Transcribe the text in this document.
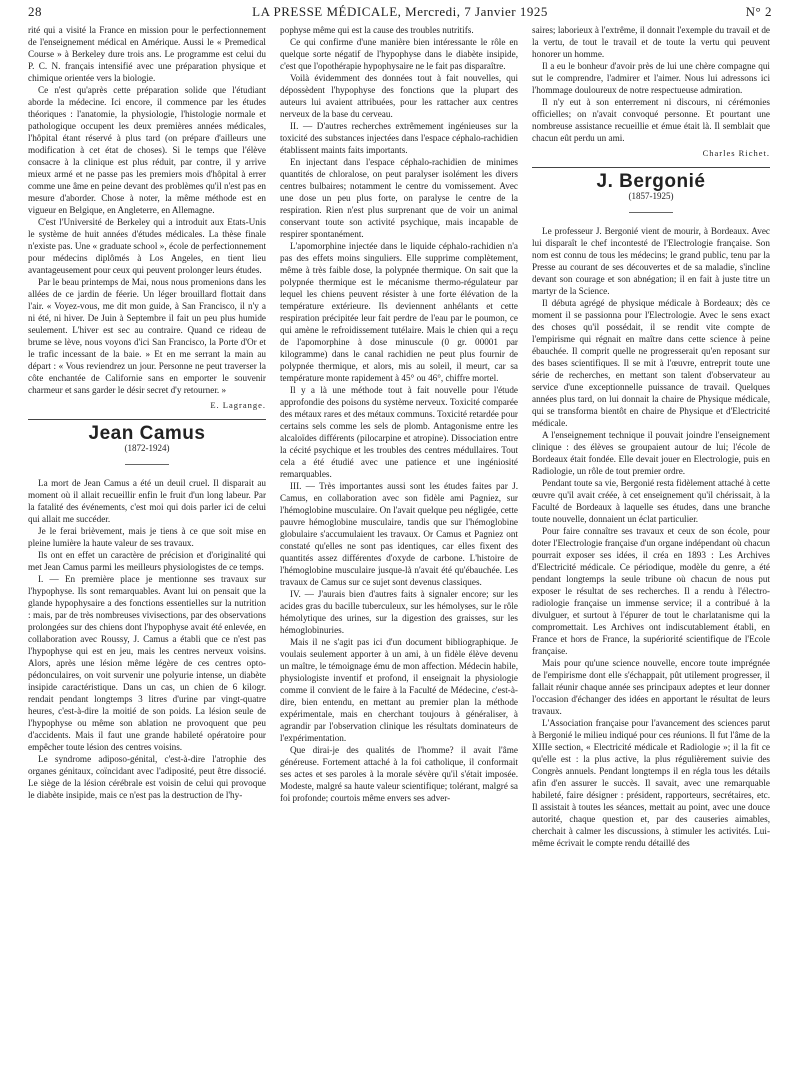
28	LA PRESSE MÉDICALE, Mercredi, 7 Janvier 1925	N° 2

rité qui a visité la France en mission pour le perfectionnement de l'enseignement médical en Amérique. Aussi le « Premedical Course » à Berkeley dure trois ans. Le programme est celui du P. C. N. français intensifié avec une préparation physique et chimique orientée vers la biologie.

Ce n'est qu'après cette préparation solide que l'étudiant aborde la médecine. Ici encore, il commence par les études théoriques : l'anatomie, la physiologie, l'histologie normale et pathologique occupent les deux premières années médicales, l'hôpital étant réservé à plus tard (on prépare d'ailleurs une modification à cet état de choses). Si le temps que l'élève consacre à la clinique est plus réduit, par contre, il y arrive mieux armé et ne passe pas les premiers mois d'hôpital à errer comme une âme en peine devant des problèmes qu'il n'est pas en mesure d'aborder. Chose à noter, la même méthode est en vigueur en Belgique, en Angleterre, en Allemagne.

C'est l'Université de Berkeley qui a introduit aux Etats-Unis le système de huit années d'études médicales. La thèse finale n'existe pas. Une « graduate school », école de perfectionnement pour médecins diplômés à Los Angeles, en tient lieu avantageusement pour ceux qui peuvent prolonger leurs études.

Par le beau printemps de Mai, nous nous promenions dans les allées de ce jardin de féerie. Un léger brouillard flottait dans l'air. « Voyez-vous, me dit mon guide, à San Francisco, il n'y a ni été, ni hiver. De Juin à Septembre il fait un peu plus humide seulement. L'hiver est sec au contraire. Quand ce rideau de brume se lève, nous voyons d'ici San Francisco, la Porte d'Or et le trafic incessant de la baie. » Et en me serrant la main au départ : « Vous reviendrez un jour. Personne ne peut traverser la côte enchantée de Californie sans en emporter le souvenir charmeur et sans garder le désir secret d'y retourner. »

E. Lagrange.
Jean Camus
(1872-1924)

La mort de Jean Camus a été un deuil cruel. Il disparait au moment où il allait recueillir enfin le fruit d'un long labeur. Par la fatalité des événements, c'est moi qui dois parler ici de celui qui allait me succéder.

Je le ferai brièvement, mais je tiens à ce que soit mise en pleine lumière la haute valeur de ses travaux.

Ils ont en effet un caractère de précision et d'originalité qui met Jean Camus parmi les meilleurs physiologistes de ce temps.

I. — En première place je mentionne ses travaux sur l'hypophyse. Ils sont remarquables. Avant lui on pensait que la glande hypophysaire a des fonctions essentielles sur la nutrition : mais, par de très nombreuses vivisections, par des observations prolongées sur des chiens dont l'hypophyse avait été enlevée, en collaboration avec Roussy, J. Camus a établi que ce n'est pas l'hypophyse qui est en jeu, mais les centres nerveux voisins. Alors, après une lésion même légère de ces centres opto-pédonculaires, on voit survenir une polyurie intense, un diabète insipide caractéristique. Dans un cas, un chien de 6 kilogr. rendait pendant longtemps 3 litres d'urine par vingt-quatre heures, c'est-à-dire la moitié de son poids. La lésion seule de l'hypophyse ou même son ablation ne provoquent que peu d'accidents. Mais il faut une grande habileté opératoire pour empêcher toute lésion des centres voisins.

Le syndrome adiposo-génital, c'est-à-dire l'atrophie des organes génitaux, coïncidant avec l'adiposité, peut être dissocié. Le siège de la lésion cérébrale est voisin de celui qui provoque le diabète insipide, mais ce n'est pas la destruction de l'hy-

pophyse même qui est la cause des troubles nutritifs.

Ce qui confirme d'une manière bien intéressante le rôle en quelque sorte négatif de l'hypophyse dans le diabète insipide, c'est que l'opothérapie hypophysaire ne le fait pas disparaître.

Voilà évidemment des données tout à fait nouvelles, qui dépossèdent l'hypophyse des fonctions que la plupart des auteurs lui avaient attribuées, pour les rattacher aux centres nerveux de la base du cerveau.

II. — D'autres recherches extrêmement ingénieuses sur la toxicité des substances injectées dans l'espace céphalo-rachidien établissent maints faits importants.

En injectant dans l'espace céphalo-rachidien de minimes quantités de chloralose, on peut paralyser isolément les divers centres bulbaires; notamment le centre du vomissement. Avec une dose un peu plus forte, on paralyse le centre de la respiration. Rien n'est plus surprenant que de voir un animal conservant toute son activité psychique, mais incapable de respirer spontanément.

L'apomorphine injectée dans le liquide céphalo-rachidien n'a pas des effets moins singuliers. Elle supprime complètement, même à très faible dose, la polypnée thermique. On sait que la polypnée thermique est le mécanisme thermo-régulateur par lequel les chiens peuvent résister à une forte élévation de la température extérieure. Ils deviennent anhélants et cette respiration précipitée leur fait perdre de l'eau par le poumon, ce qui amène le refroidissement tutélaire. Mais le chien qui a reçu de l'apomorphine à dose minuscule (0 gr. 00001 par kilogramme) dans le canal rachidien ne peut plus fournir de polypnée thermique, et alors, mis au soleil, il meurt, car sa température monte rapidement à 45° ou 46°, chiffre mortel.

Il y a là une méthode tout à fait nouvelle pour l'étude approfondie des poisons du système nerveux. Toxicité comparée des métaux rares et des métaux communs. Toxicité retardée pour certains sels comme les sels de plomb. Antagonisme entre les alcaloïdes différents (pilocarpine et atropine). Dissociation entre la cécité psychique et les troubles des centres médullaires. Tout cela a été étudié avec une patience et une ingéniosité remarquables.

III. — Très importantes aussi sont les études faites par J. Camus, en collaboration avec son fidèle ami Pagniez, sur l'hémoglobine musculaire. On l'avait quelque peu négligée, cette pauvre hémoglobine musculaire, tandis que sur l'hémoglobine globulaire s'accumulaient les travaux. Or Camus et Pagniez ont constaté qu'elles ne sont pas identiques, car elles fixent des quantités assez différentes d'oxyde de carbone. L'histoire de l'hémoglobine musculaire jusque-là n'avait été qu'ébauchée. Les travaux de Camus sur ce sujet sont devenus classiques.

IV. — J'aurais bien d'autres faits à signaler encore; sur les acides gras du bacille tuberculeux, sur les hémolyses, sur le rôle hémolytique des urines, sur la digestion des graisses, sur les hémoglobinuries.

Mais il ne s'agit pas ici d'un document bibliographique. Je voulais seulement apporter à un ami, à un fidèle élève devenu un maître, le témoignage ému de mon affection. Médecin habile, physiologiste inventif et profond, il enseignait la physiologie comme il convient de le faire à la Faculté de Médecine, c'est-à-dire, bien entendu, en mettant au premier plan la méthode expérimentale, mais en cherchant toujours à généraliser, à agrandir par l'observation clinique les résultats dominateurs de l'expérimentation.

Que dirai-je des qualités de l'homme? il avait l'âme généreuse. Fortement attaché à la foi catholique, il conformait ses actes et ses paroles à la morale sévère qu'il s'était imposée. Modeste, malgré sa haute valeur scientifique; tolérant, malgré sa foi profonde; courtois même envers ses adver-

saires; laborieux à l'extrême, il donnait l'exemple du travail et de la vertu, de tout le travail et de toute la vertu qui peuvent honorer un homme.

Il a eu le bonheur d'avoir près de lui une chère compagne qui sut le comprendre, l'admirer et l'aimer. Nous lui adressons ici l'hommage douloureux de notre respectueuse admiration.

Il n'y eut à son enterrement ni discours, ni cérémonies officielles; on n'avait convoqué personne. Et pourtant une nombreuse assistance recueillie et émue était là. Il semblait que chacun eût perdu un ami.

Charles Richet.
J. Bergonié
(1857-1925)

Le professeur J. Bergonié vient de mourir, à Bordeaux. Avec lui disparaît le chef incontesté de l'Electrologie française. Son nom est connu de tous les médecins; le grand public, tenu par la Presse au courant de ses découvertes et de sa maladie, s'incline devant son courage et son abnégation; il en fait à juste titre un martyr de la Science.

Il débuta agrégé de physique médicale à Bordeaux; dès ce moment il se passionna pour l'Electrologie. Avec le sens exact des choses qu'il possédait, il se rendit vite compte de l'empirisme qui régnait en maître dans cette science à peine ébauchée. Il comprit quelle ne progresserait qu'en reposant sur des bases scientifiques. Il se mit à l'œuvre, entreprit toute une série de recherches, en mettant son talent d'observateur au service d'une exceptionnelle puissance de travail. Quelques années plus tard, on lui donnait la chaire de Physique médicale, qui se transforma bientôt en chaire de Physique et d'Electricité médicale.

A l'enseignement technique il pouvait joindre l'enseignement clinique : des élèves se groupaient autour de lui; l'école de Bordeaux était fondée. Elle devait jouer en Electrologie, puis en Radiologie, un rôle de tout premier ordre.

Pendant toute sa vie, Bergonié resta fidèlement attaché à cette œuvre qu'il avait créée, à cet enseignement qu'il chérissait, à la Faculté de Bordeaux à laquelle ses études, dans une branche toute nouvelle, donnaient un éclat particulier.

Pour faire connaître ses travaux et ceux de son école, pour doter l'Electrologie française d'un organe indépendant où chacun pourrait exposer ses idées, il créa en 1893 : Les Archives d'Electricité médicale. Ce périodique, modèle du genre, a été pendant longtemps la seule tribune où chacun de nous put exposer le résultat de ses recherches. Il a rendu à l'électro-radiologie française un immense service; il a contribué à la divulguer, et surtout à l'épurer de tout le charlatanisme qui la compromettait. Les Archives ont indiscutablement établi, en France et hors de France, la supériorité scientifique de l'Ecole française.

Mais pour qu'une science nouvelle, encore toute imprégnée de l'empirisme dont elle s'échappait, pût utilement progresser, il fallait réunir chaque année ses principaux adeptes et leur donner l'occasion d'échanger des idées en apportant le résultat de leurs travaux.

L'Association française pour l'avancement des sciences parut à Bergonié le milieu indiqué pour ces réunions. Il fut l'âme de la XIIIe section, « Electricité médicale et Radiologie »; il la fit ce qu'elle est : la plus active, la plus régulièrement suivie des Congrès annuels. Pendant longtemps il en régla tous les détails afin d'en assurer le succès. Il savait, avec une remarquable habileté, faire désigner : président, rapporteurs, secrétaires, etc. Il assistait à toutes les séances, mettait au point, avec une douce autorité, chaque question et, par des causeries aimables, cherchait à calmer les discussions, à stimuler les activités. Lui-même écrivait le compte rendu détaillé des
